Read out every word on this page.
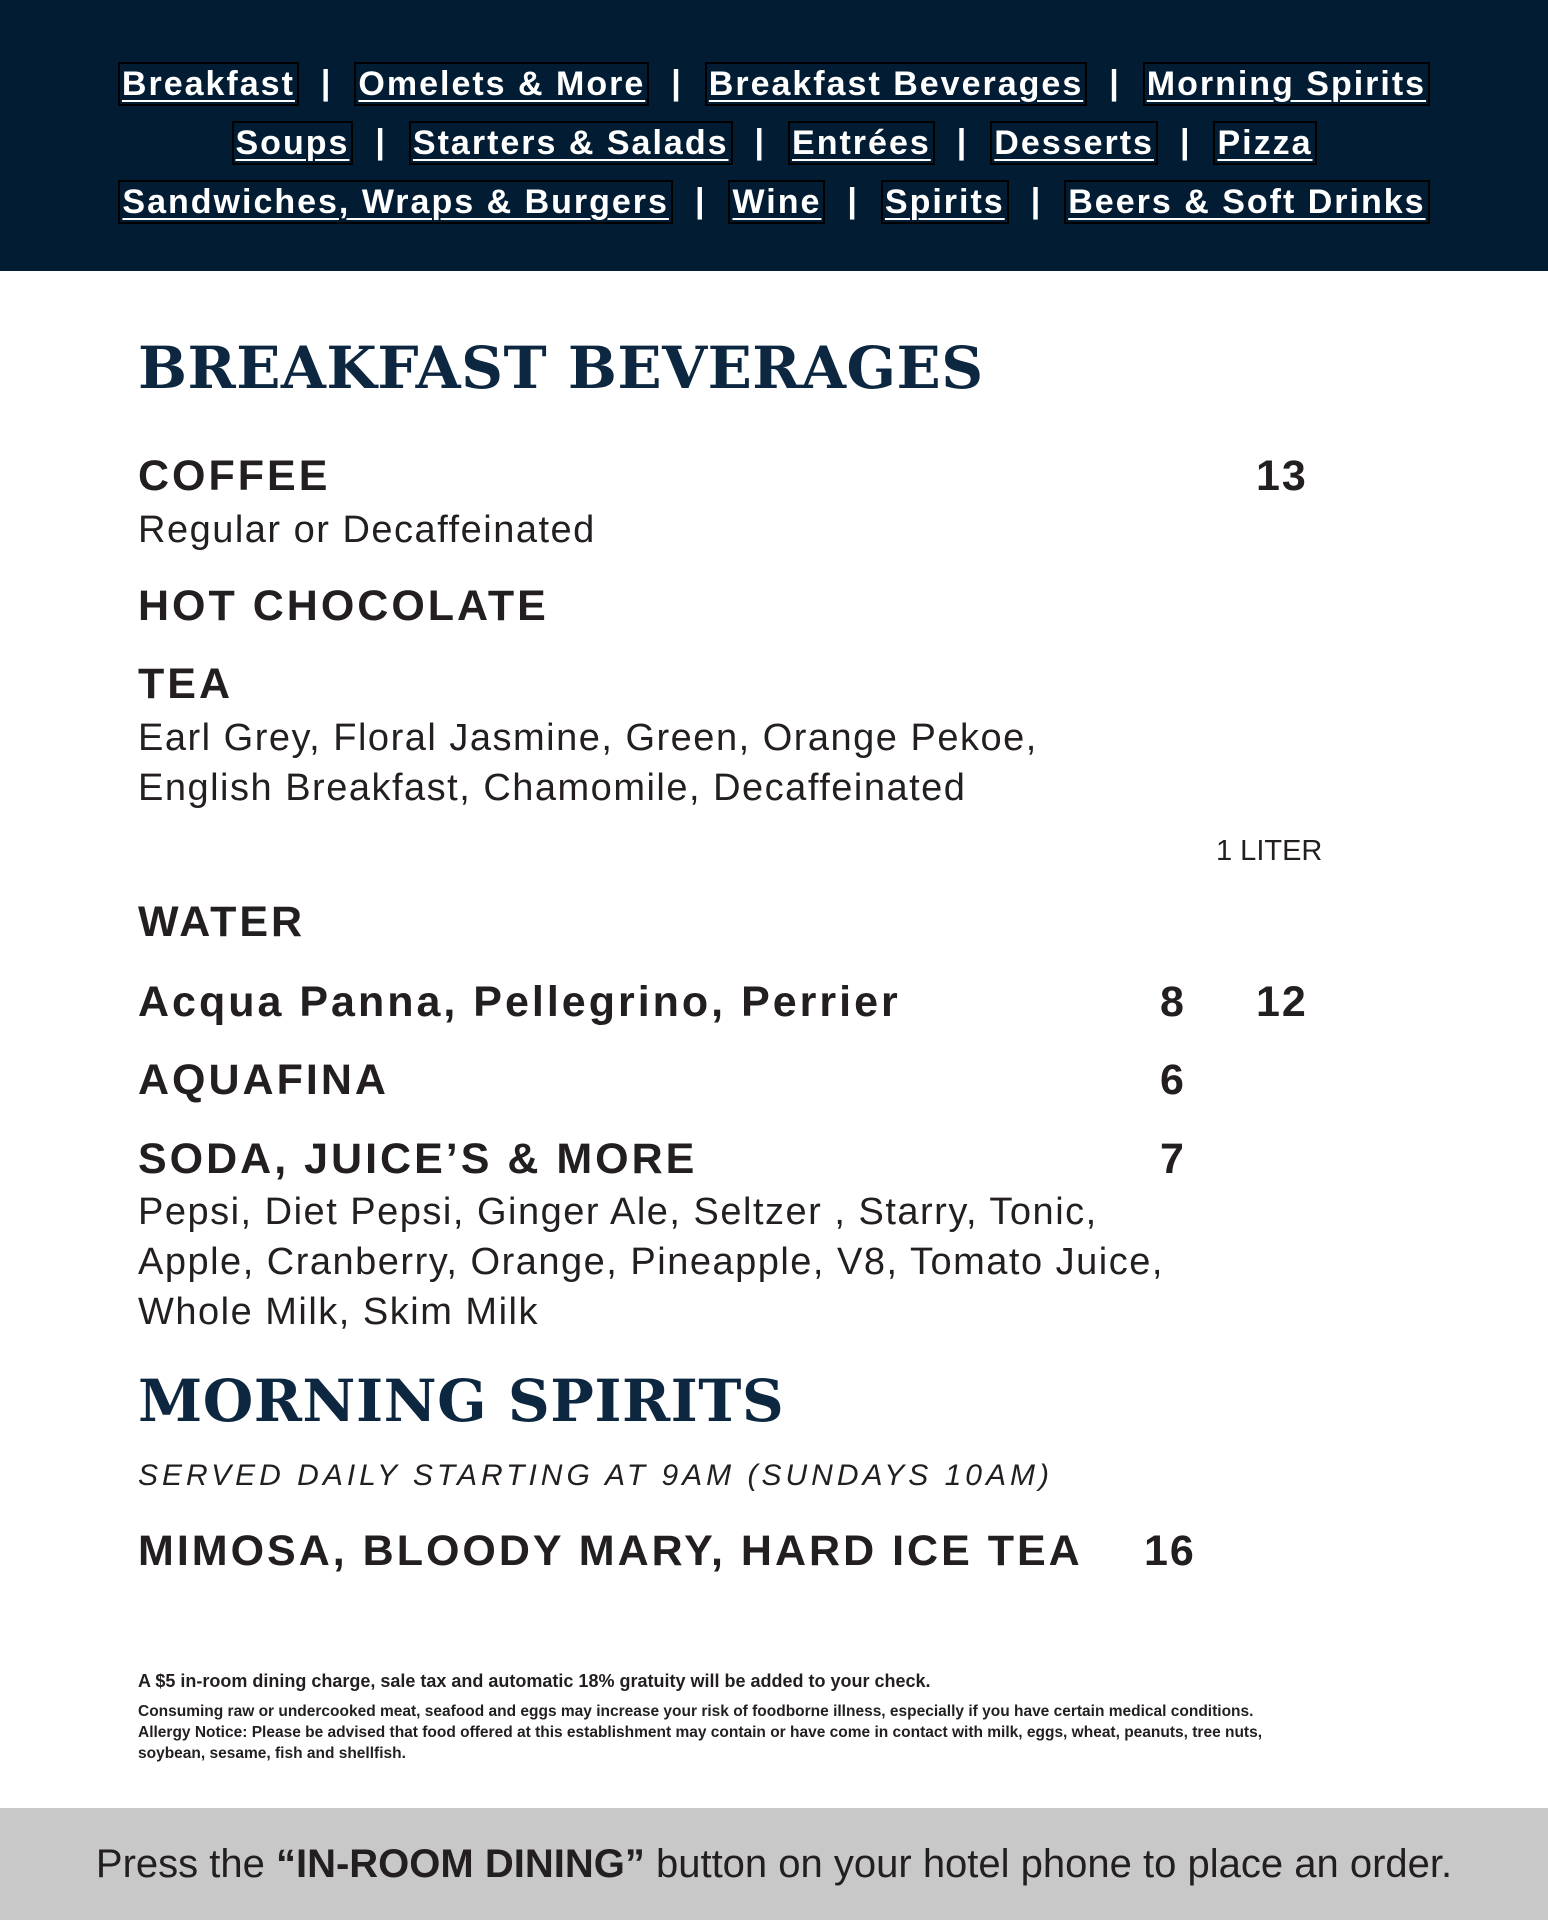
Breakfast | Omelets & More | Breakfast Beverages | Morning Spirits
Soups | Starters & Salads | Entrées | Desserts | Pizza
Sandwiches, Wraps & Burgers | Wine | Spirits | Beers & Soft Drinks
BREAKFAST BEVERAGES
COFFEE	13
Regular or Decaffeinated
HOT CHOCOLATE
TEA
Earl Grey, Floral Jasmine, Green, Orange Pekoe,
English Breakfast, Chamomile, Decaffeinated
1 LITER
WATER
Acqua Panna, Pellegrino, Perrier	8 12
AQUAFINA	6
SODA, JUICE’S & MORE	7
Pepsi, Diet Pepsi, Ginger Ale, Seltzer , Starry, Tonic,
Apple, Cranberry, Orange, Pineapple, V8, Tomato Juice,
Whole Milk, Skim Milk
MORNING SPIRITS
SERVED DAILY STARTING AT 9AM (SUNDAYS 10AM)
MIMOSA, BLOODY MARY, HARD ICE TEA 16
A $5 in-room dining charge, sale tax and automatic 18% gratuity will be added to your check.
Consuming raw or undercooked meat, seafood and eggs may increase your risk of foodborne illness, especially if you have certain medical conditions.
Allergy Notice: Please be advised that food offered at this establishment may contain or have come in contact with milk, eggs, wheat, peanuts, tree nuts,
soybean, sesame, fish and shellfish.
Press the “IN-ROOM DINING” button on your hotel phone to place an order.
